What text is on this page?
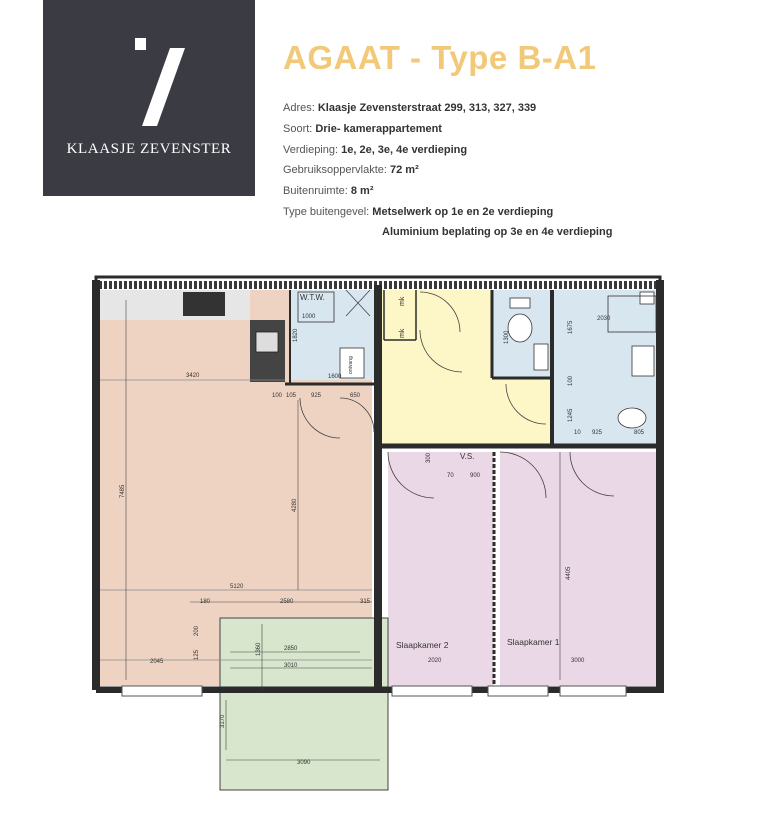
KLAASJE ZEVENSTER
AGAAT - Type B-A1
Adres: Klaasje Zevensterstraat 299, 313, 327, 339
Soort: Drie- kamerappartement
Verdieping: 1e, 2e, 3e, 4e verdieping
Gebruiksoppervlakte: 72 m²
Buitenruimte: 8 m²
Type buitengevel: Metselwerk op 1e en 2e verdieping
Aluminium beplating op 3e en 4e verdieping
W.T.W.	mk
mk
V.S.
Slaapkamer 2	Slaapkamer 1
ontvang
3420
7485
4280
5120
180	2580	315
200
125
2045
1360	2850
3010
3170
3090
1000
1820
1600
100 105 925	650
1300
1675
2030
100
1245
10 925	805
300
70	900
4405
2020	3000
